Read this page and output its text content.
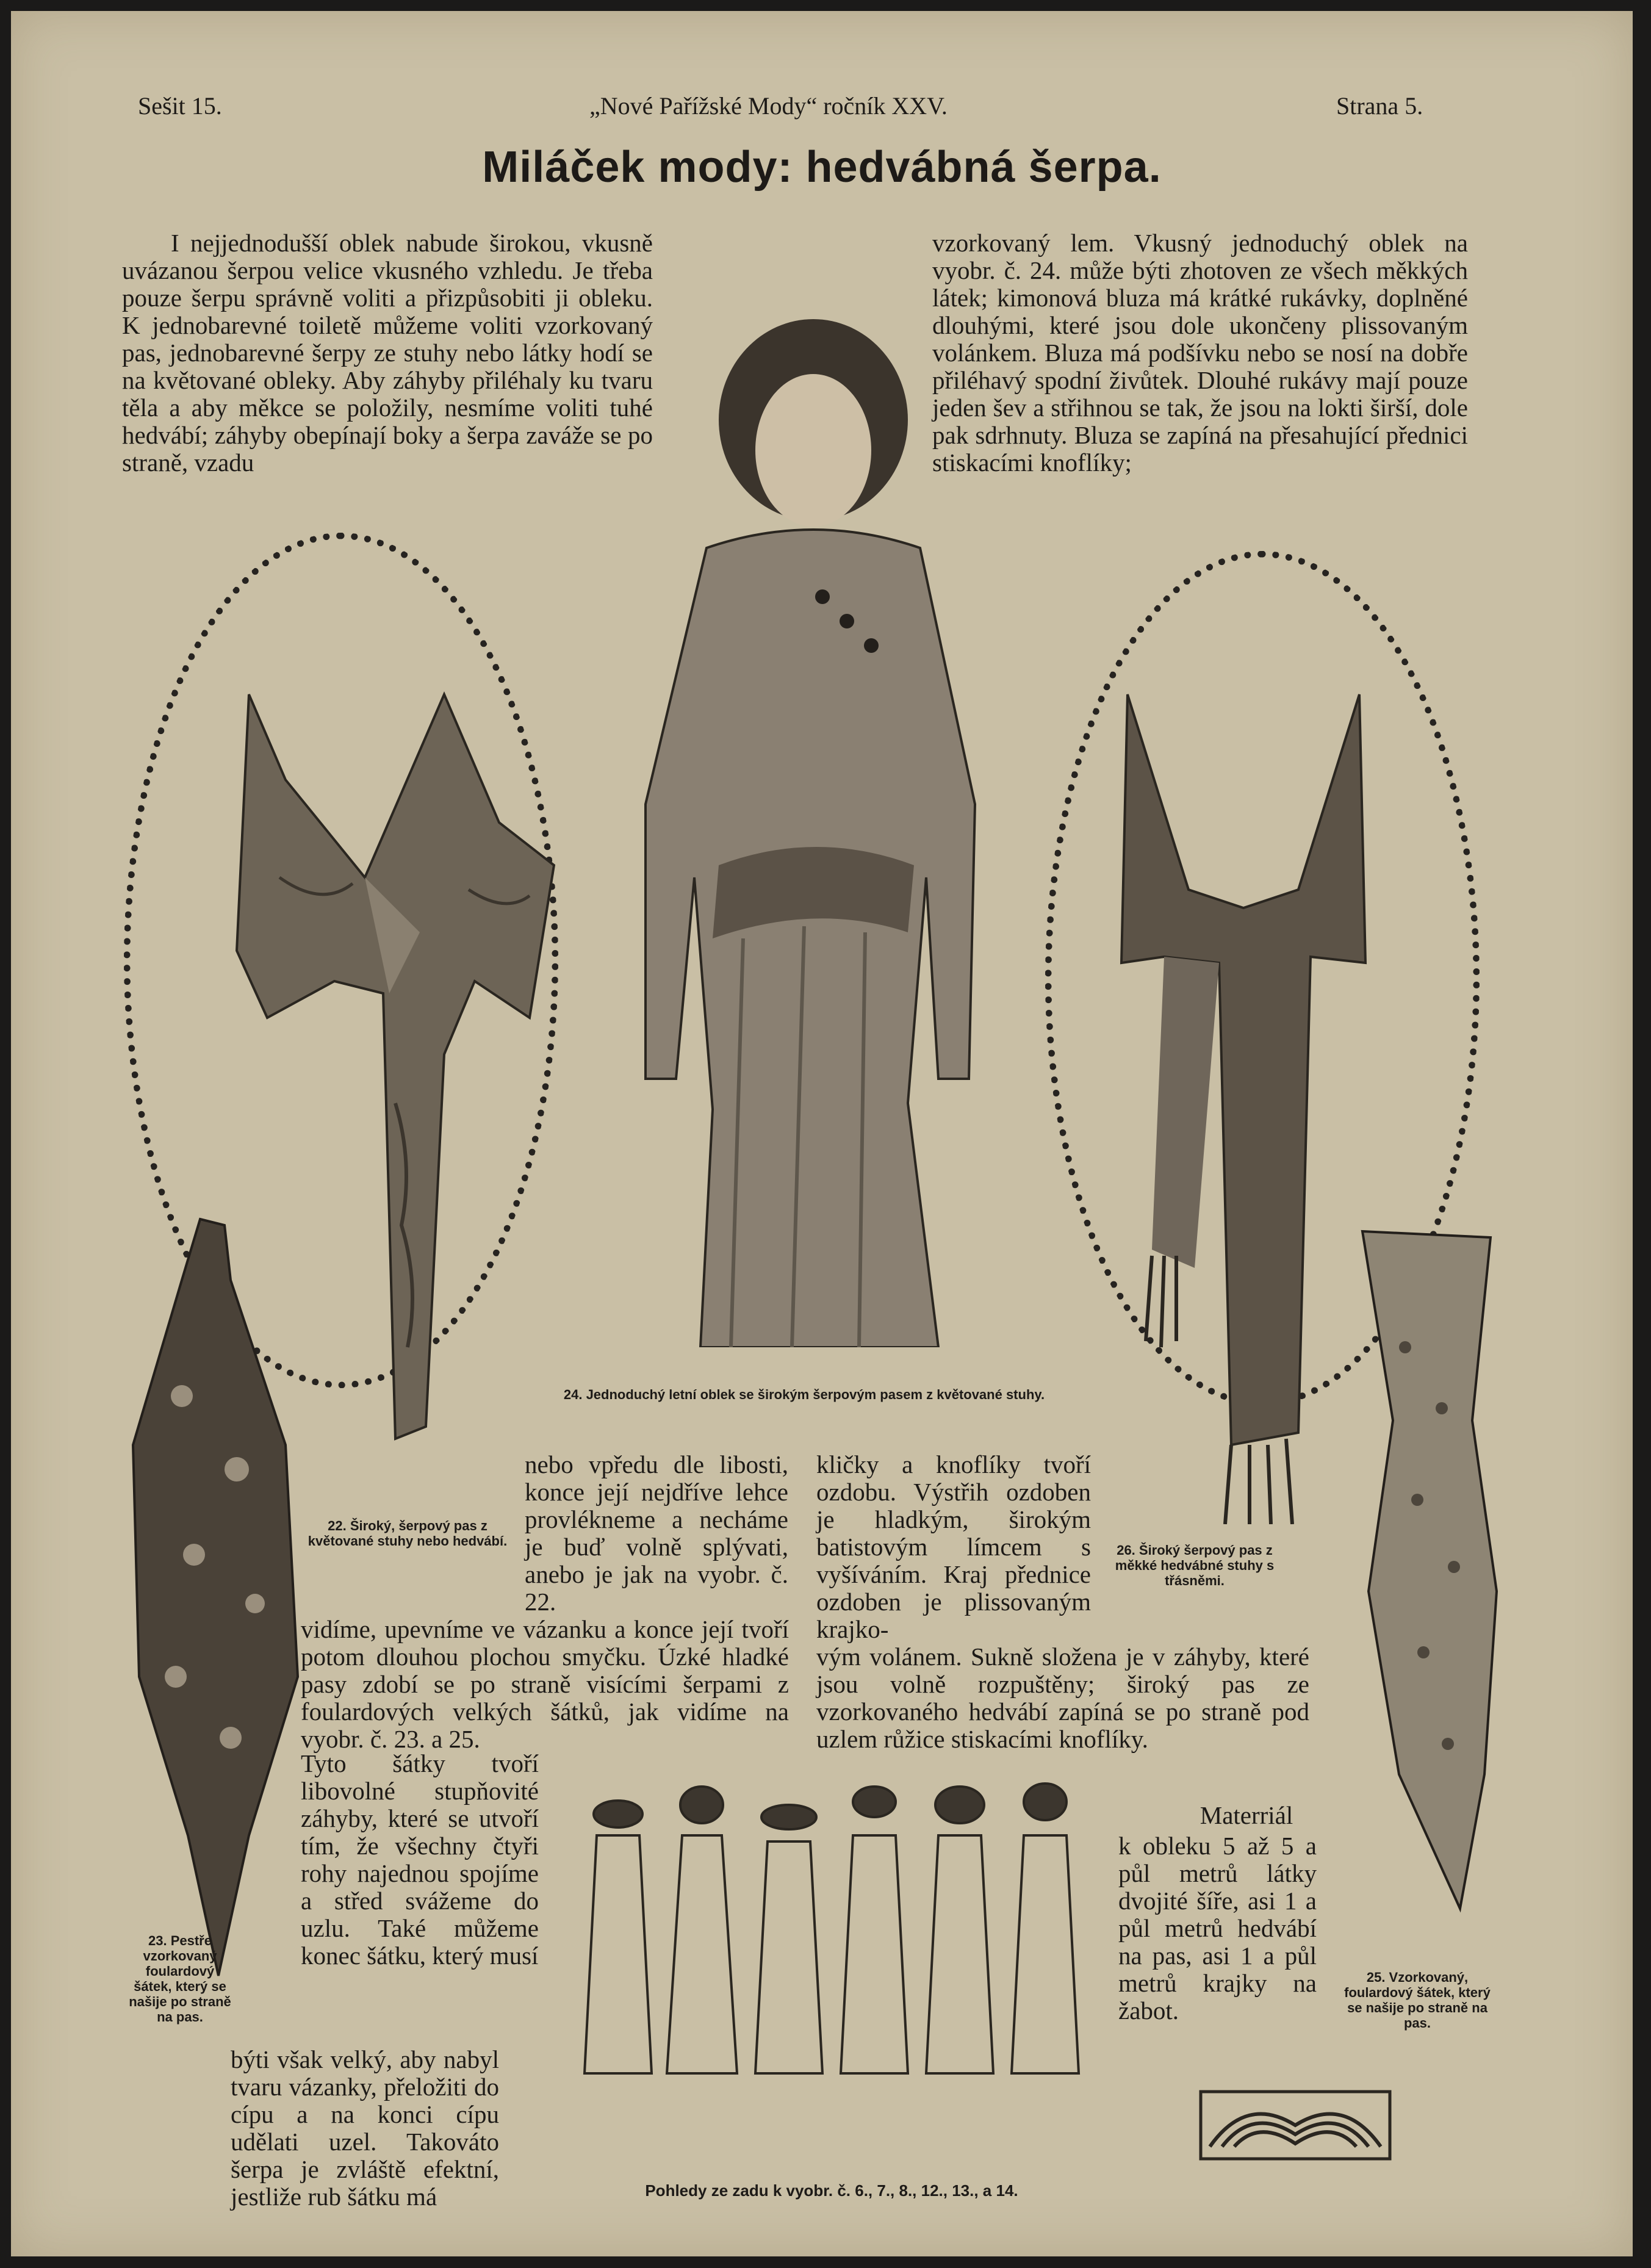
Sešit 15.	„Nové Pařížské Mody“ ročník XXV.	Strana 5.
Miláček mody: hedvábná šerpa.
I nejjednodušší oblek nabude širokou, vkusně uvázanou šerpou velice vkusného vzhledu. Je třeba pouze šerpu správně voliti a přizpůsobiti ji obleku. K jednobarevné toiletě můžeme voliti vzorkovaný pas, jednobarevné šerpy ze stuhy nebo látky hodí se na květované obleky. Aby záhyby přiléhaly ku tvaru těla a aby měkce se položily, nesmíme voliti tuhé hedvábí; záhyby obepínají boky a šerpa zaváže se po straně, vzadu
vzorkovaný lem. Vkusný jednoduchý oblek na vyobr. č. 24. může býti zhotoven ze všech měkkých látek; kimonová bluza má krátké rukávky, doplněné dlouhými, které jsou dole ukončeny plissovaným volánkem. Bluza má podšívku nebo se nosí na dobře přiléhavý spodní živůtek. Dlouhé rukávy mají pouze jeden šev a střihnou se tak, že jsou na lokti širší, dole pak sdrhnuty. Bluza se zapíná na přesahující přednici stiskacími knoflíky;
22. Široký, šerpový pas z květované stuhy nebo hedvábí.
24. Jednoduchý letní oblek se širokým šerpovým pasem z květované stuhy.
26. Široký šerpový pas z měkké hedvábné stuhy s třásněmi.
23. Pestře vzorkovaný foulardový šátek, který se našije po straně na pas.
25. Vzorkovaný, foulardový šátek, který se našije po straně na pas.
nebo vpředu dle libosti, konce její nejdříve lehce provlékneme a necháme je buď volně splývati, anebo je jak na vyobr. č. 22.
kličky a knoflíky tvoří ozdobu. Výstřih ozdoben je hladkým, širokým batistovým límcem s vyšíváním. Kraj přednice ozdoben je plissovaným krajko-
vidíme, upevníme ve vázanku a konce její tvoří potom dlouhou plochou smyčku. Úzké hladké pasy zdobí se po straně visícími šerpami z foulardových velkých šátků, jak vidíme na vyobr. č. 23. a 25.
vým volánem. Sukně složena je v záhyby, které jsou volně rozpuštěny; široký pas ze vzorkovaného hedvábí zapíná se po straně pod uzlem růžice stiskacími knoflíky.
Tyto šátky tvoří libovolné stupňovité záhyby, které se utvoří tím, že všechny čtyři rohy najednou spojíme a střed svážeme do uzlu. Také můžeme konec šátku, který musí
býti však velký, aby nabyl tvaru vázanky, přeložiti do cípu a na konci cípu udělati uzel. Takováto šerpa je zvláště efektní, jestliže rub šátku má
Materriál
k obleku 5 až 5 a půl metrů látky dvojité šíře, asi 1 a půl metrů hedvábí na pas, asi 1 a půl metrů krajky na žabot.
Pohledy ze zadu k vyobr. č. 6., 7., 8., 12., 13., a 14.
